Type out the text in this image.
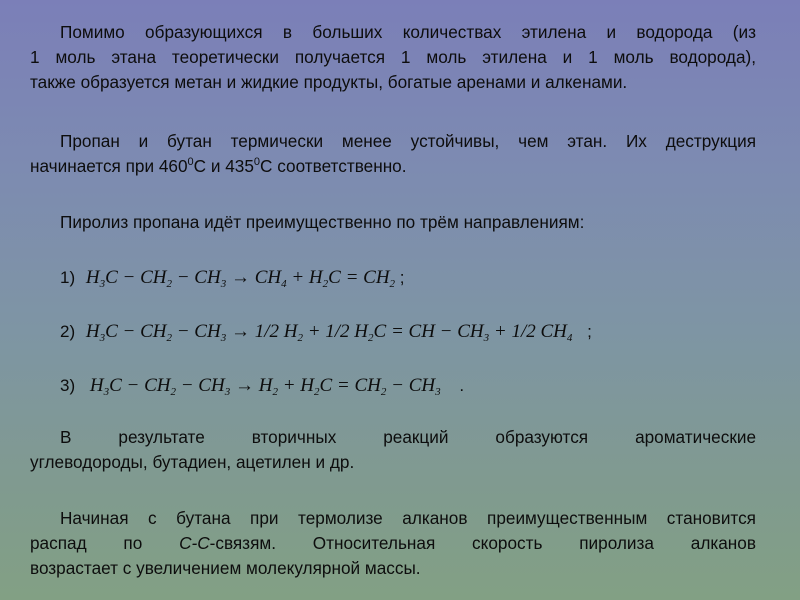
Помимо образующихся в больших количествах этилена и водорода (из
1 моль этана теоретически получается 1 моль этилена и 1 моль водорода),
также образуется метан и жидкие продукты, богатые аренами и алкенами.
Пропан и бутан термически менее устойчивы, чем этан. Их деструкция
начинается при $460^0С$ и $435^0С$ соответственно.
Пиролиз пропана идёт преимущественно по трём направлениям:
1) $H_3C - CH_2 - CH_3 \to CH_4 + H_2C = CH_2$ ;
2) $H_3C - CH_2 - CH_3 \to 1/2$ $H_2 + 1/2$ $H_2C$ = CH − $CH_3 + 1/2$ $CH_4$ ;
3) $H_3C - CH_2 - CH_3 \to H_2 + H_2C = CH_2 - CH_3$ .
В результате вторичных реакций образуются ароматические
углеводороды, бутадиен, ацетилен и др.
Начиная с бутана при термолизе алканов преимущественным становится
распад по С-С-связям. Относительная скорость пиролиза алканов
возрастает с увеличением молекулярной массы.
